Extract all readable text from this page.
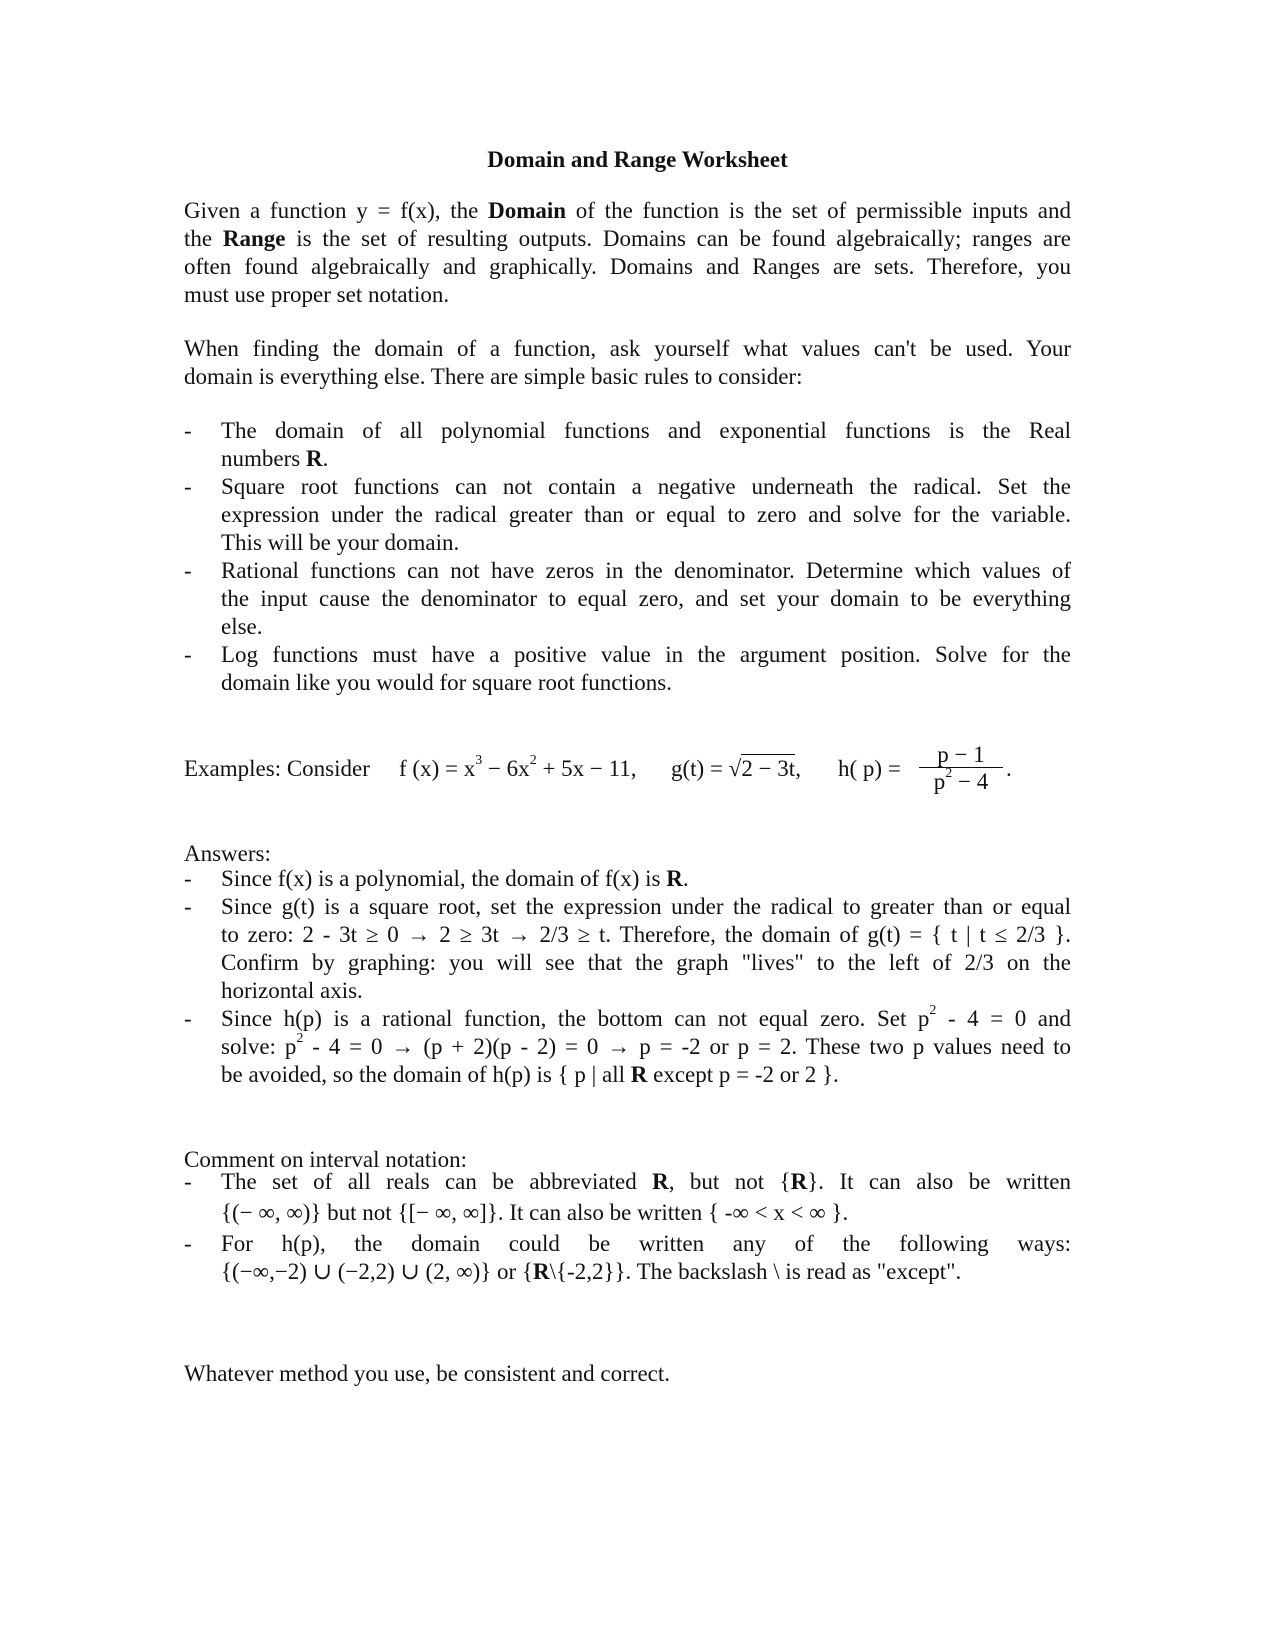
Domain and Range Worksheet
Given a function y = f(x), the Domain of the function is the set of permissible inputs and
the Range is the set of resulting outputs. Domains can be found algebraically; ranges are
often found algebraically and graphically. Domains and Ranges are sets. Therefore, you
must use proper set notation.
When finding the domain of a function, ask yourself what values can't be used. Your
domain is everything else. There are simple basic rules to consider:
- The domain of all polynomial functions and exponential functions is the Real
numbers R.
- Square root functions can not contain a negative underneath the radical. Set the
expression under the radical greater than or equal to zero and solve for the variable.
This will be your domain.
- Rational functions can not have zeros in the denominator. Determine which values of
the input cause the denominator to equal zero, and set your domain to be everything
else.
- Log functions must have a positive value in the argument position. Solve for the
domain like you would for square root functions.
Examples: Consider f $(x) = x^3 - 6x^2 + 5x - 11$, g(t) = √2 − 3t, h( $p) = \frac{p - 1}{p^2 - 4}$ .
Answers:
- Since f(x) is a polynomial, the domain of f(x) is R.
- Since g(t) is a square root, set the expression under the radical to greater than or equal
to zero: 2 - 3t ≥ 0 → 2 ≥ 3t → 2/3 ≥ t. Therefore, the domain of g(t) = { t | t ≤ 2/3 }.
Confirm by graphing: you will see that the graph "lives" to the left of 2/3 on the
horizontal axis.
- Since h(p) is a rational function, the bottom can not equal zero. Set $p^2 - 4 = 0$ and
solve: $p^2 - 4 = 0 \to (p + 2)(p - 2) = 0 \to p = -2$ or p = 2. These two p values need to
be avoided, so the domain of h(p) is { p | all R except p = -2 or 2 }.
Comment on interval notation:
- The set of all reals can be abbreviated R, but not {R}. It can also be written
{(− ∞, ∞)} but not {[− ∞, ∞]}. It can also be written { -∞ < x < ∞ }.
- For h(p), the domain could be written any of the following ways:
{(−∞,−2) ∪ (−2,2) ∪ (2, ∞)} or {R\{-2,2}}. The backslash \ is read as "except".
Whatever method you use, be consistent and correct.
